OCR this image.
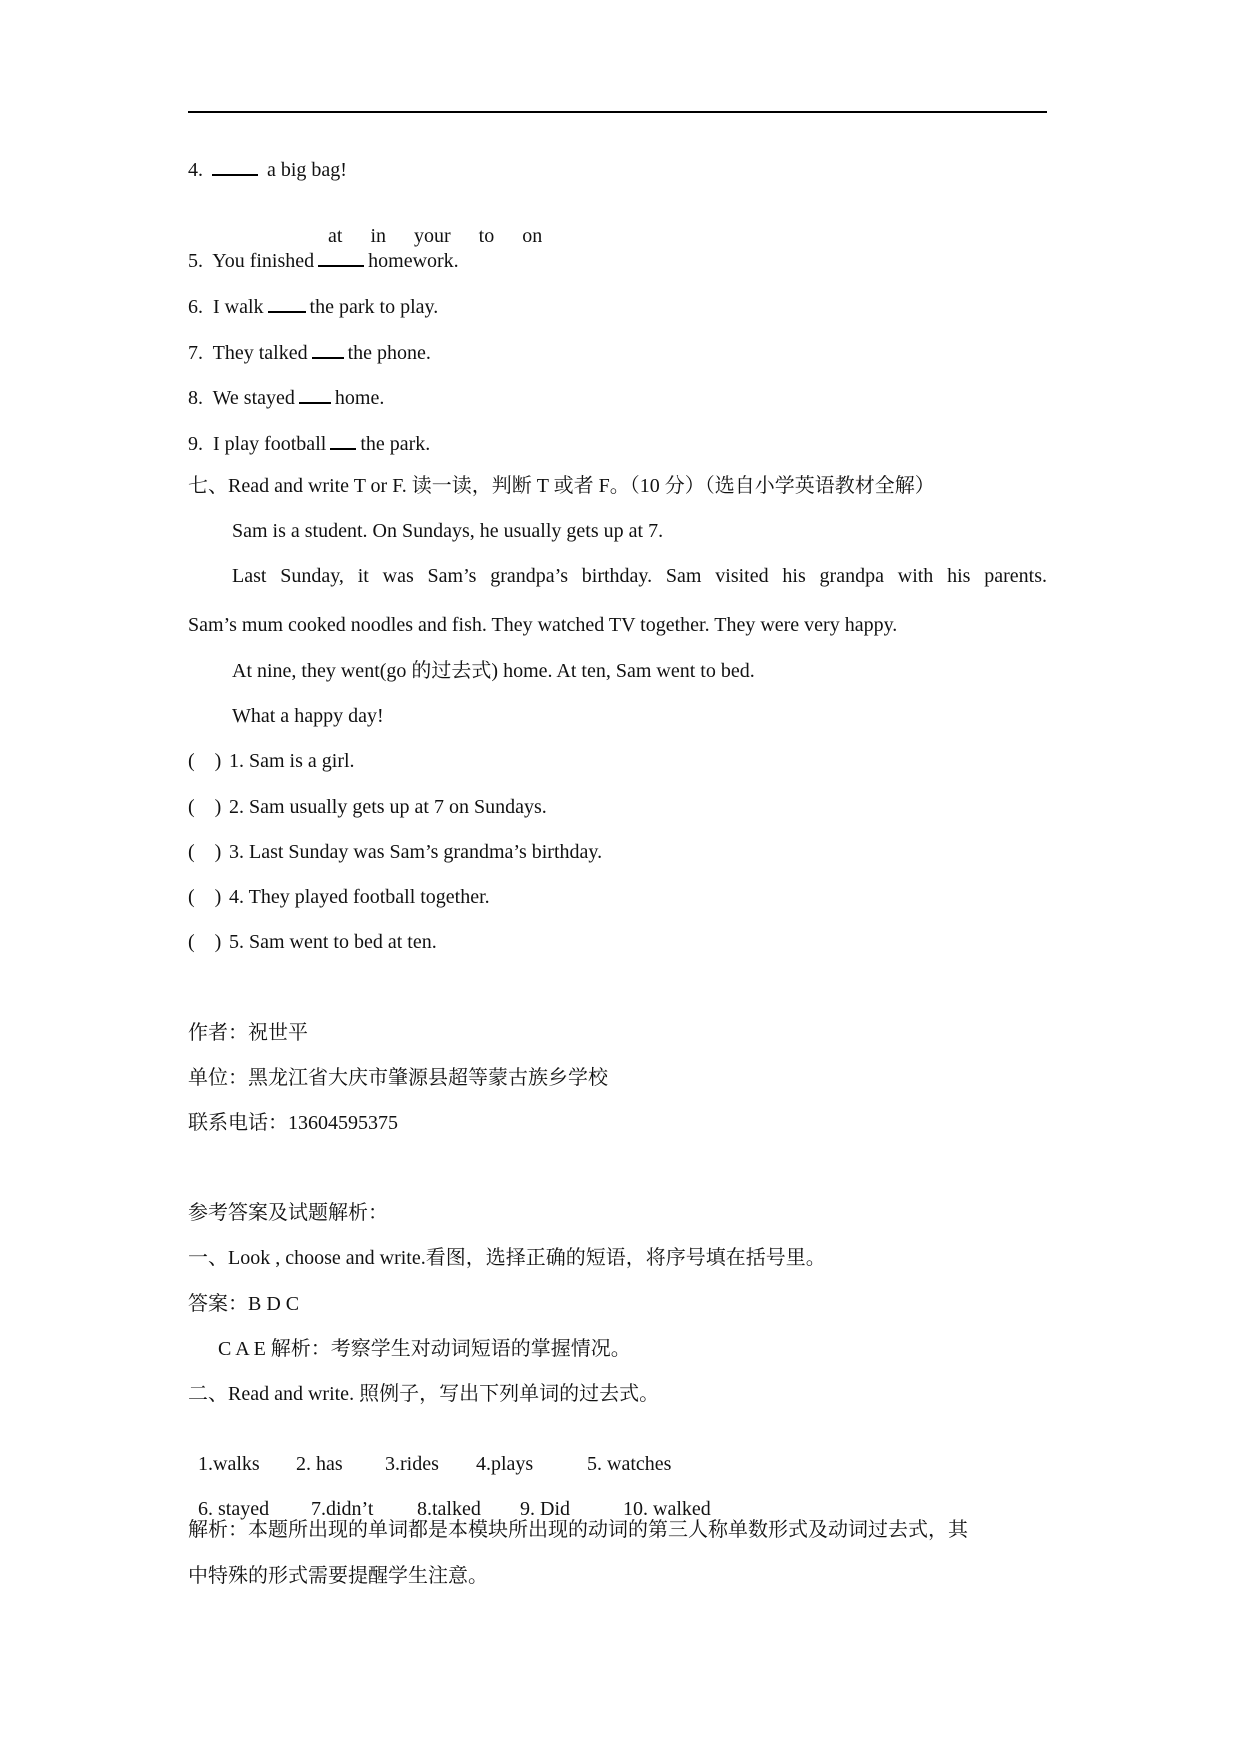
4.	a big bag!

at in your to on

5. You finished	homework.
6. I walk the park to play.
7. They talked the phone.
8. We stayed home.
9. I play football the park.
七、Read and write T or F. 读一读，判断 T 或者 F。（10 分）（选自小学英语教材全解）
Sam is a student. On Sundays, he usually gets up at 7.
Last Sunday, it was Sam’s grandpa’s birthday. Sam visited his grandpa with his parents.
Sam’s mum cooked noodles and fish. They watched TV together. They were very happy.
At nine, they went(go 的过去式) home. At ten, Sam went to bed.
What a happy day!
(    ) 1. Sam is a girl.
(    ) 2. Sam usually gets up at 7 on Sundays.
(    ) 3. Last Sunday was Sam’s grandma’s birthday.
(    ) 4. They played football together.
(    ) 5. Sam went to bed at ten.
作者：祝世平
单位：黑龙江省大庆市肇源县超等蒙古族乡学校
联系电话：13604595375
参考答案及试题解析：
一、Look , choose and write.看图，选择正确的短语，将序号填在括号里。
答案：B D C
C A E 解析：考察学生对动词短语的掌握情况。
二、Read and write. 照例子，写出下列单词的过去式。

1.walks 2. has 3.rides 4.plays	5. watches

6. stayed 7.didn’t 8.talked 9. Did	10. walked

解析：本题所出现的单词都是本模块所出现的动词的第三人称单数形式及动词过去式，其
中特殊的形式需要提醒学生注意。
